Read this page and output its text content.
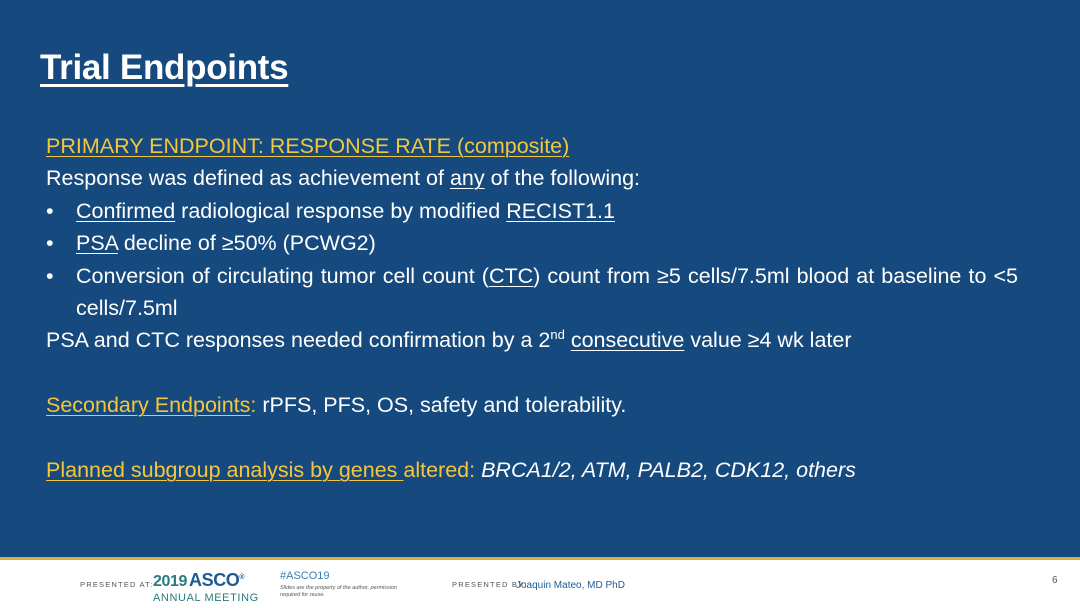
Trial Endpoints
PRIMARY ENDPOINT: RESPONSE RATE (composite)
Response was defined as achievement of any of the following:
• Confirmed radiological response by modified RECIST1.1
• PSA decline of ≥50% (PCWG2)
• Conversion of circulating tumor cell count (CTC) count from ≥5 cells/7.5ml blood at baseline to <5 cells/7.5ml
PSA and CTC responses needed confirmation by a 2nd consecutive value ≥4 wk later
Secondary Endpoints: rPFS, PFS, OS, safety and tolerability.
Planned subgroup analysis by genes altered: BRCA1/2, ATM, PALB2, CDK12, others
PRESENTED AT: 2019 ASCO®
ANNUAL MEETING
#ASCO19
Slides are the property of the author, permission required for reuse.
PRESENTED BY:
Joaquin Mateo, MD PhD	6
